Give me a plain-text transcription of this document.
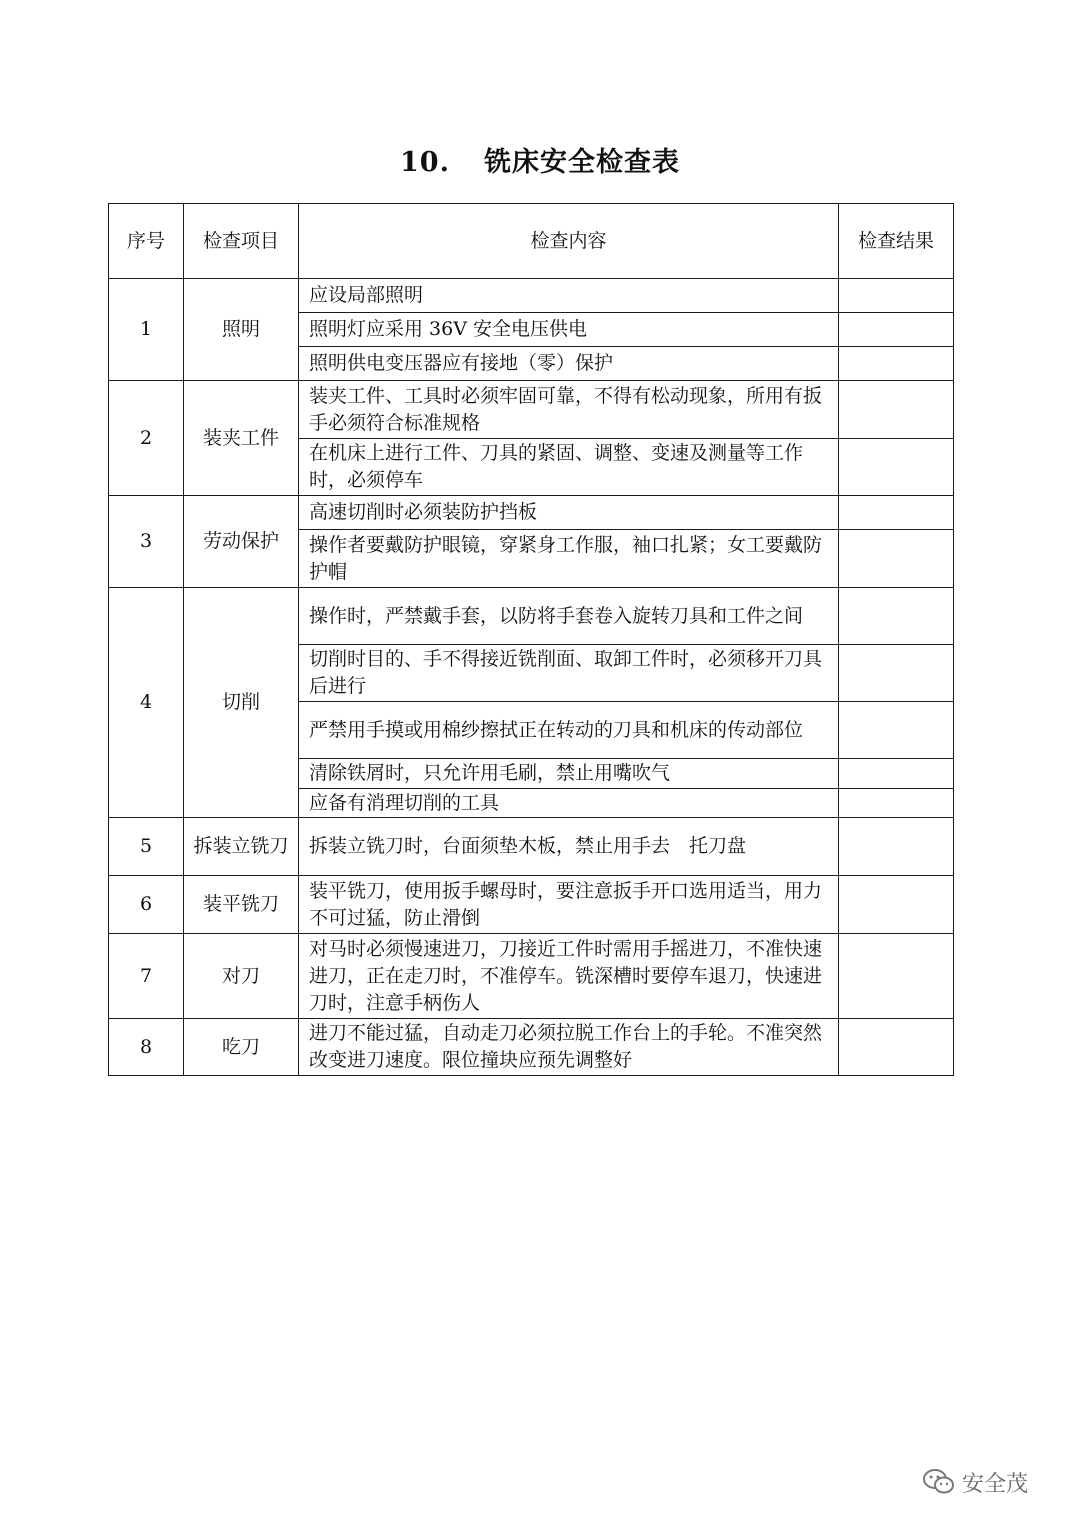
10. 铣床安全检查表
序号	检查项目	检查内容	检查结果
1	照明	应设局部照明	
		照明灯应采用 36V 安全电压供电	
		照明供电变压器应有接地（零）保护	
2	装夹工件	装夹工件、工具时必须牢固可靠，不得有松动现象，所用有扳手必须符合标准规格	
		在机床上进行工件、刀具的紧固、调整、变速及测量等工作时，必须停车	
3	劳动保护	高速切削时必须装防护挡板	
		操作者要戴防护眼镜，穿紧身工作服，袖口扎紧；女工要戴防护帽	
4	切削	操作时，严禁戴手套，以防将手套卷入旋转刀具和工件之间	
		切削时目的、手不得接近铣削面、取卸工件时，必须移开刀具后进行	
		严禁用手摸或用棉纱擦拭正在转动的刀具和机床的传动部位	
		清除铁屑时，只允许用毛刷，禁止用嘴吹气	
		应备有消理切削的工具	
5	拆装立铣刀	拆装立铣刀时，台面须垫木板，禁止用手去　托刀盘	
6	装平铣刀	装平铣刀，使用扳手螺母时，要注意扳手开口选用适当，用力不可过猛，防止滑倒	
7	对刀	对马时必须慢速进刀，刀接近工件时需用手摇进刀，不准快速进刀，正在走刀时，不准停车。铣深槽时要停车退刀，快速进刀时，注意手柄伤人	
8	吃刀	进刀不能过猛，自动走刀必须拉脱工作台上的手轮。不准突然改变进刀速度。限位撞块应预先调整好	
安全茂
